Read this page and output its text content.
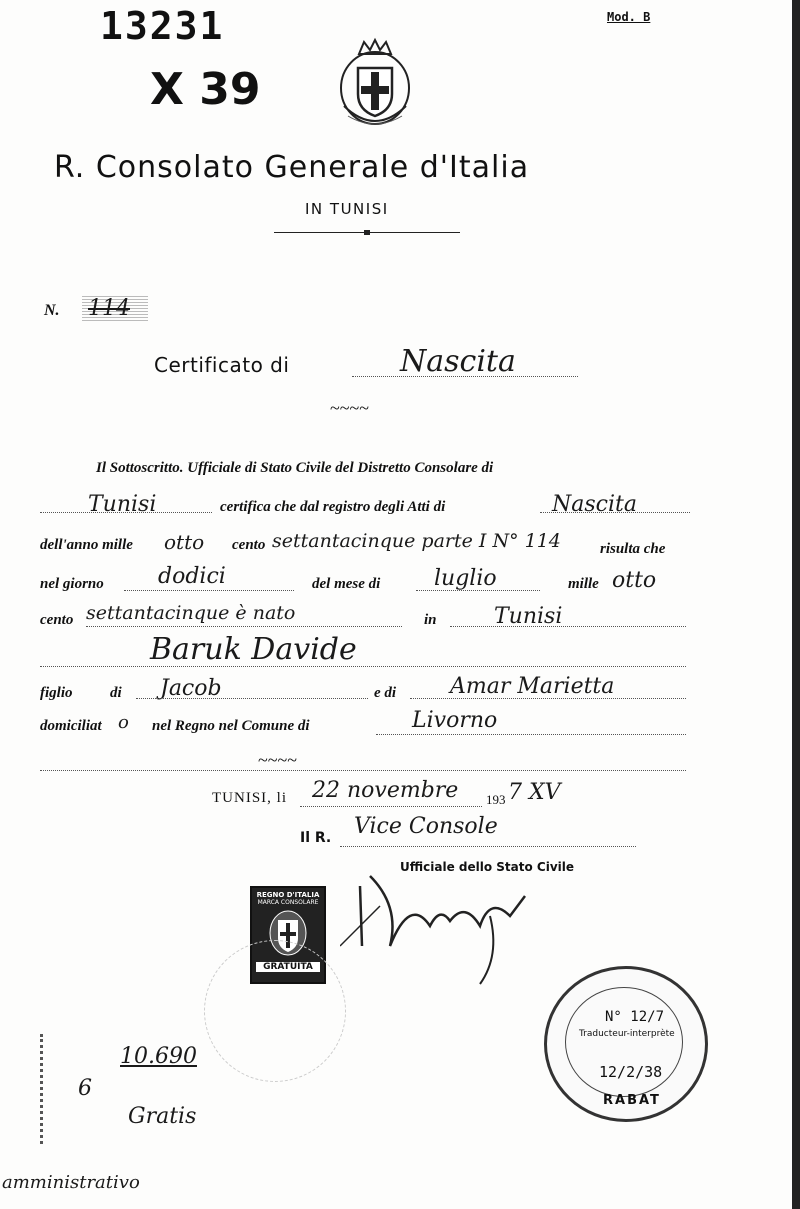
13231
X 39
Mod. B
R. Consolato Generale d'Italia
IN TUNISI
N. 114
Certificato di	Nascita
~~~~
Il Sottoscritto. Ufficiale di Stato Civile del Distretto Consolare di
Tunisi	certifica che dal registro degli Atti di	Nascita
dell'anno mille otto cento settantacinque parte I N° 114	risulta che
nel giorno dodici	del mese di luglio	mille otto
cento settantacinque è nato	in	Tunisi
Baruk Davide
figlio	di Jacob	e di Amar Marietta
domiciliat o nel Regno nel Comune di	Livorno
~~~~
TUNISI, li 22 novembre 193 7 XV
Il R. Vice Console
Ufficiale dello Stato Civile
REGNO D'ITALIA
MARCA CONSOLARE
GRATUITA
N° 12/7
Traducteur-interprète
12/2/38
RABAT
10.690
6
Gratis
amministrativo
